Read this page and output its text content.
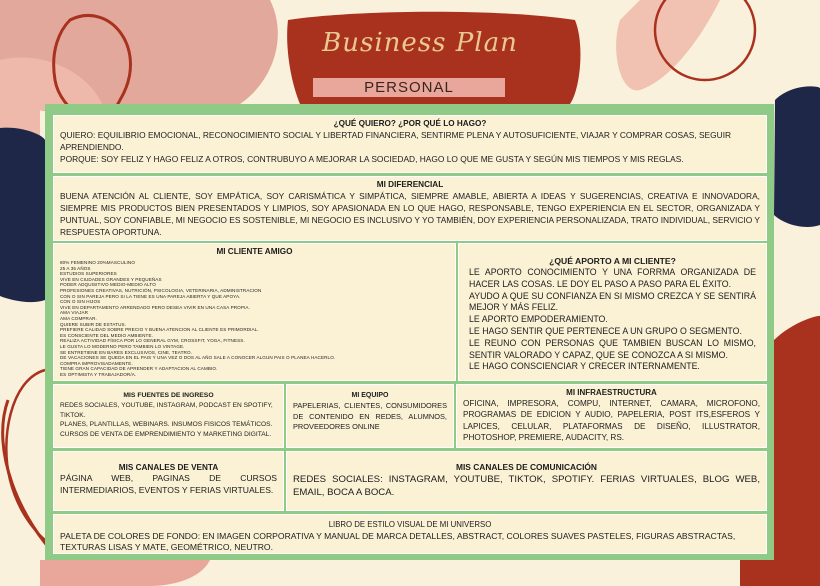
Business Plan
PERSONAL
¿QUÉ QUIERO? ¿POR QUÉ LO HAGO?

QUIERO: EQUILIBRIO EMOCIONAL, RECONOCIMIENTO SOCIAL Y LIBERTAD FINANCIERA, SENTIRME PLENA Y AUTOSUFICIENTE, VIAJAR Y COMPRAR COSAS, SEGUIR APRENDIENDO.

PORQUE: SOY FELIZ Y HAGO FELIZ A OTROS, CONTRUBUYO A MEJORAR LA SOCIEDAD, HAGO LO QUE ME GUSTA Y SEGÚN MIS TIEMPOS Y MIS REGLAS.

MI DIFERENCIAL

BUENA ATENCIÓN AL CLIENTE, SOY EMPÁTICA, SOY CARISMÁTICA Y SIMPÁTICA, SIEMPRE AMABLE, ABIERTA A IDEAS Y SUGERENCIAS, CREATIVA E INNOVADORA, SIEMPRE MIS PRODUCTOS BIEN PRESENTADOS Y LIMPIOS, SOY APASIONADA EN LO QUE HAGO, RESPONSABLE, TENGO EXPERIENCIA EN EL SECTOR, ORGANIZADA Y PUNTUAL, SOY CONFIABLE, MI NEGOCIO ES SOSTENIBLE, MI NEGOCIO ES INCLUSIVO Y YO TAMBIÉN, DOY EXPERIENCIA PERSONALIZADA, TRATO INDIVIDUAL, SERVICIO Y RESPUESTA OPORTUNA.

MI CLIENTE AMIGO
80% FEMENINO 20%MASCULINO
25 A 35 AÑOS
ESTUDIOS SUPERIORES
VIVE EN CIUDADES GRANDES Y PEQUEÑAS
PODER ADQUISITIVO MEDIO-MEDIO ALTO
PROFESIONES CREATIVAS, NUTRICIÓN, PSICOLOGIA, VETERINARIA, ADMINISTRACION
CON O SIN PAREJA PERO SI LA TIENE ES UNA PAREJA ABIERTA Y QUE APOYA.
CON O SIN HIJOS
VIVE EN DEPARTAMENTO ARRENDADO PERO DESEA VIVIR EN UNA CASA PROPIA.
AMA VIAJAR
AMA COMPRAR.
QUIERE SUBIR DE ESTATUS.
PREFIERE CALIDAD SOBRE PRECIO Y BUENA ATENCION AL CLIENTE ES PRIMORDIAL.
ES CONSCIENTE DEL MEDIO AMBIENTE.
REALIZA ACTIVIDAD FÍSICA POR LO GENERAL GYM, CROSSFIT, YOGA, FITNESS.
LE GUSTA LO MODERNO PERO TAMBIEN LO VINTAGE.
SE ENTRETIENE EN BARES EXCLUSIVOS, CINE, TEATRO.
DE VACACIONES SE QUEDA EN EL PAIS Y UNA VEZ O DOS AL AÑO SALE A CONOCER ALGUN PAIS O PLANEA HACERLO.
COMPRA IMPROVISADAMENTE.
TIENE GRAN CAPACIDAD DE APRENDER Y ADAPTACION AL CAMBIO.
ES OPTIMISTA Y TRABAJADOR/A.
¿QUÉ APORTO A MI CLIENTE?

LE APORTO CONOCIMIENTO Y UNA FORRMA ORGANIZADA DE HACER LAS COSAS. LE DOY EL PASO A PASO PARA EL ÉXITO.

AYUDO A QUE SU CONFIANZA EN SI MISMO CREZCA Y SE SENTIRÁ MEJOR Y MÁS FELIZ.

LE APORTO EMPODERAMIENTO.

LE HAGO SENTIR QUE PERTENECE A UN GRUPO O SEGMENTO.

LE REUNO CON PERSONAS QUE TAMBIEN BUSCAN LO MISMO, SENTIR VALORADO Y CAPAZ, QUE SE CONOZCA A SI MISMO.

LE HAGO CONSCIENCIAR Y CRECER INTERNAMENTE.

MIS FUENTES DE INGRESO

REDES SOCIALES, YOUTUBE, INSTAGRAM, PODCAST EN SPOTIFY, TIKTOK.

PLANES, PLANTILLAS, WEBINARS. INSUMOS FISICOS TEMÁTICOS. CURSOS DE VENTA DE EMPRENDIMIENTO Y MARKETING DIGITAL.

MI EQUIPO

PAPELERIAS, CLIENTES, CONSUMIDORES DE CONTENIDO EN REDES, ALUMNOS, PROVEEDORES ONLINE

MI INFRAESTRUCTURA

OFICINA, IMPRESORA, COMPU, INTERNET, CAMARA, MICROFONO, PROGRAMAS DE EDICION Y AUDIO, PAPELERIA, POST ITS,ESFEROS Y LAPICES, CELULAR, PLATAFORMAS DE DISEÑO, ILLUSTRATOR, PHOTOSHOP, PREMIERE, AUDACITY, RS.

MIS CANALES DE VENTA

PÁGINA WEB, PAGINAS DE CURSOS INTERMEDIARIOS, EVENTOS Y FERIAS VIRTUALES.

MIS CANALES DE COMUNICACIÓN

REDES SOCIALES: INSTAGRAM, YOUTUBE, TIKTOK, SPOTIFY. FERIAS VIRTUALES, BLOG WEB, EMAIL, BOCA A BOCA.

LIBRO DE ESTILO VISUAL DE MI UNIVERSO

PALETA DE COLORES DE FONDO: EN IMAGEN CORPORATIVA Y MANUAL DE MARCA DETALLES, ABSTRACT, COLORES SUAVES PASTELES, FIGURAS ABSTRACTAS, TEXTURAS LISAS Y MATE, GEOMÉTRICO, NEUTRO.
